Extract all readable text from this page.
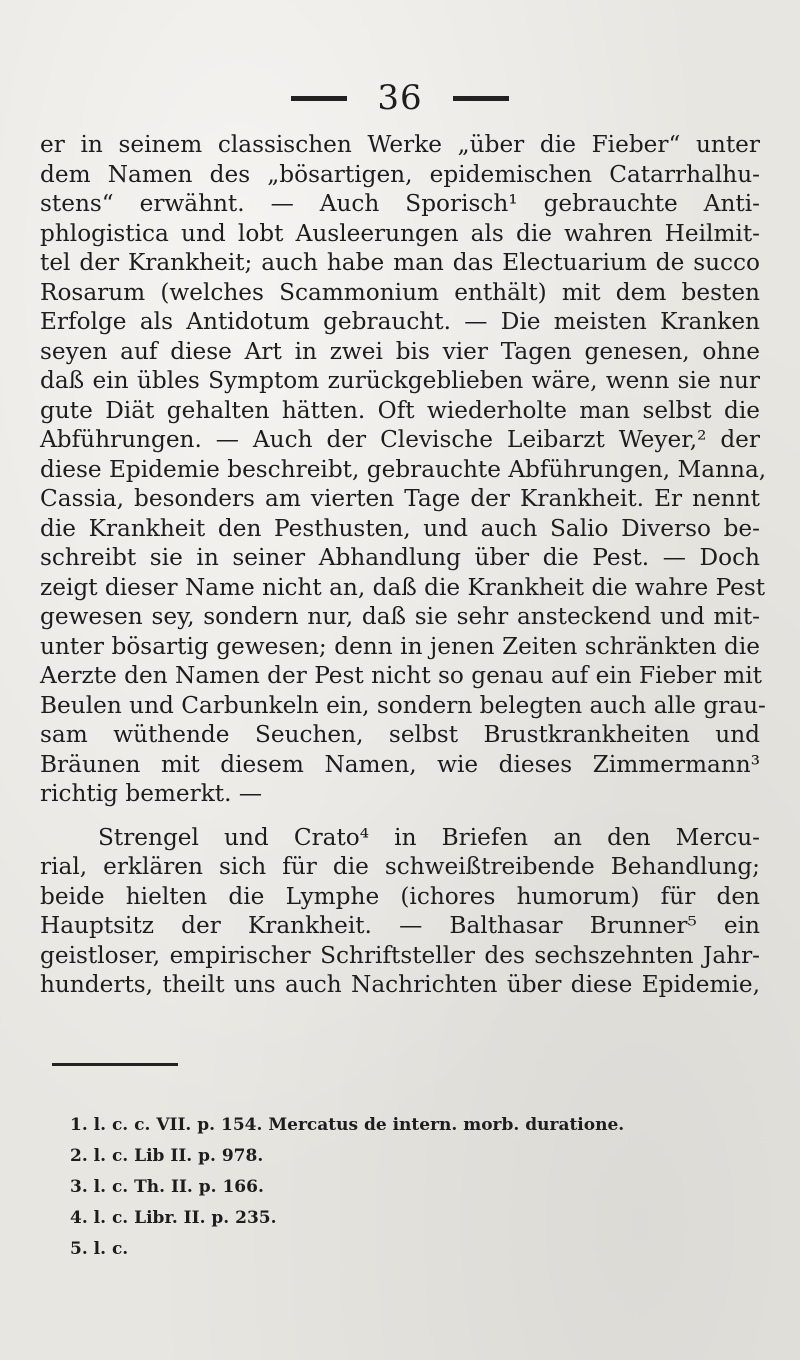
36
er in seinem classischen Werke „über die Fieber“ unter
dem Namen des „bösartigen, epidemischen Catarrhalhu-
stens“ erwähnt. — Auch Sporisch¹ gebrauchte Anti-
phlogistica und lobt Ausleerungen als die wahren Heilmit-
tel der Krankheit; auch habe man das Electuarium de succo
Rosarum (welches Scammonium enthält) mit dem besten
Erfolge als Antidotum gebraucht. — Die meisten Kranken
seyen auf diese Art in zwei bis vier Tagen genesen, ohne
daß ein übles Symptom zurückgeblieben wäre, wenn sie nur
gute Diät gehalten hätten. Oft wiederholte man selbst die
Abführungen. — Auch der Clevische Leibarzt Weyer,² der
diese Epidemie beschreibt, gebrauchte Abführungen, Manna,
Cassia, besonders am vierten Tage der Krankheit. Er nennt
die Krankheit den Pesthusten, und auch Salio Diverso be-
schreibt sie in seiner Abhandlung über die Pest. — Doch
zeigt dieser Name nicht an, daß die Krankheit die wahre Pest
gewesen sey, sondern nur, daß sie sehr ansteckend und mit-
unter bösartig gewesen; denn in jenen Zeiten schränkten die
Aerzte den Namen der Pest nicht so genau auf ein Fieber mit
Beulen und Carbunkeln ein, sondern belegten auch alle grau-
sam wüthende Seuchen, selbst Brustkrankheiten und
Bräunen mit diesem Namen, wie dieses Zimmermann³
richtig bemerkt. —
Strengel und Crato⁴ in Briefen an den Mercu-
rial, erklären sich für die schweißtreibende Behandlung;
beide hielten die Lymphe (ichores humorum) für den
Hauptsitz der Krankheit. — Balthasar Brunner⁵ ein
geistloser, empirischer Schriftsteller des sechszehnten Jahr-
hunderts, theilt uns auch Nachrichten über diese Epidemie,
1. l. c. c. VII. p. 154. Mercatus de intern. morb. duratione.
2. l. c. Lib II. p. 978.
3. l. c. Th. II. p. 166.
4. l. c. Libr. II. p. 235.
5. l. c.
